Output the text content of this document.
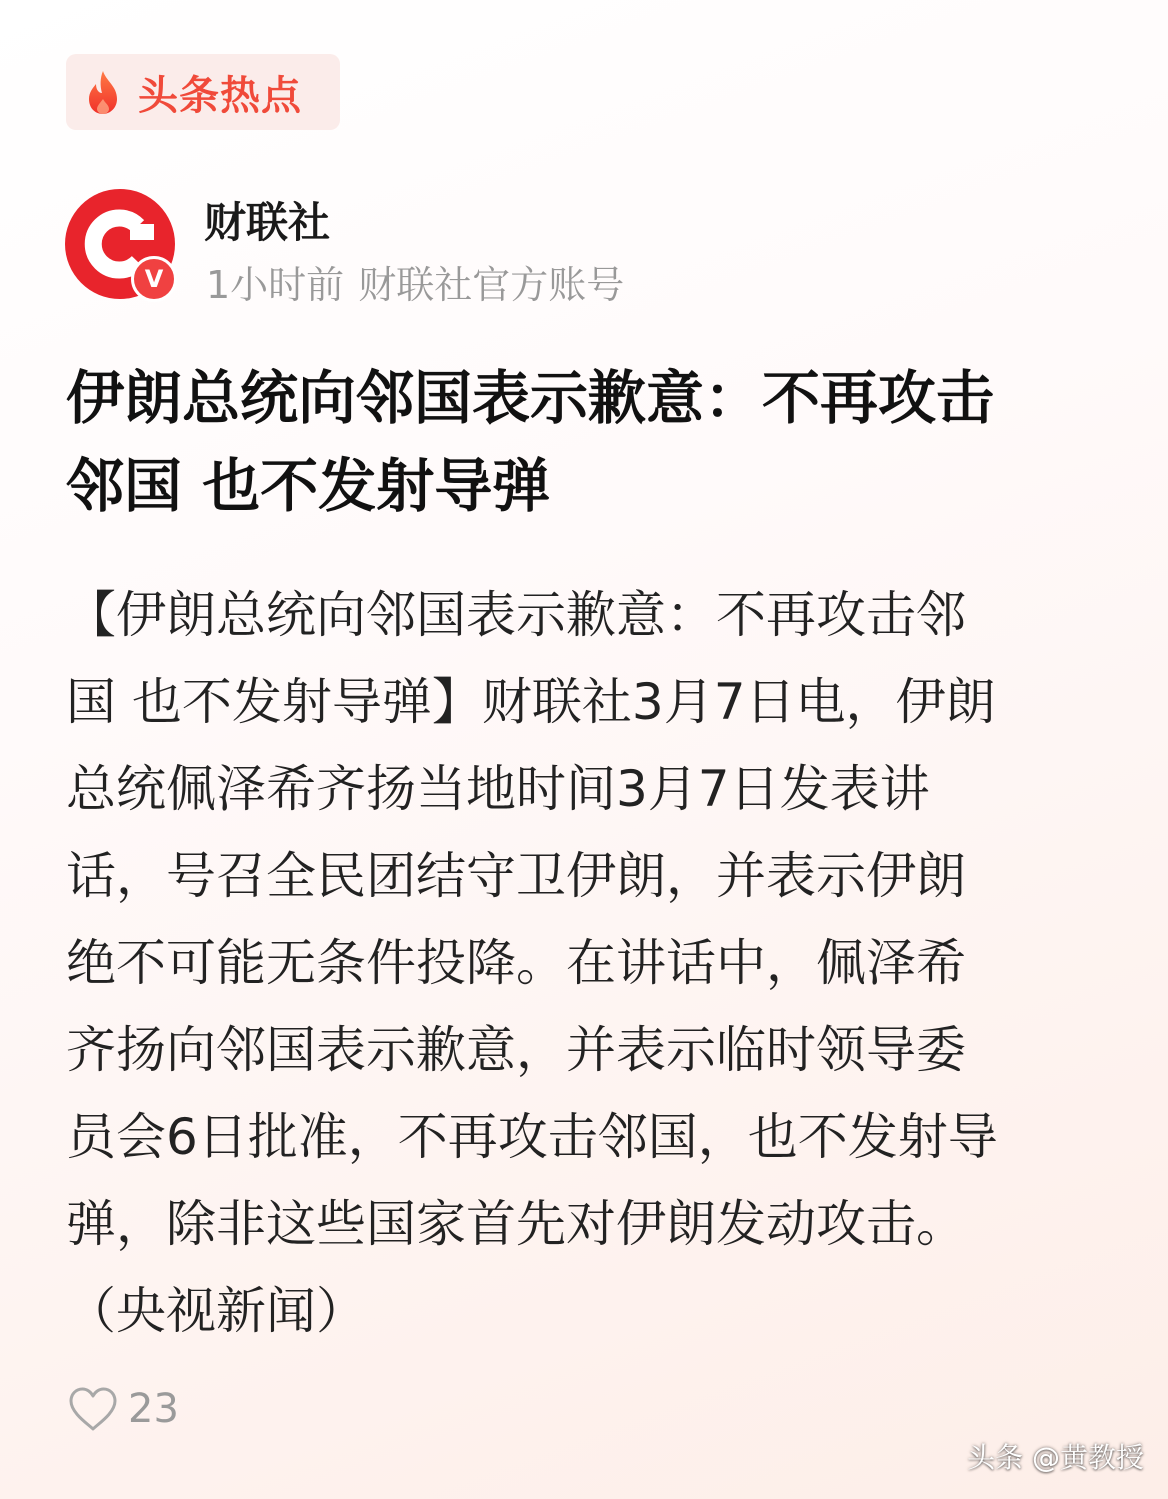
头条热点
V
财联社
1小时前 财联社官方账号
伊朗总统向邻国表示歉意：不再攻击
邻国 也不发射导弹
【伊朗总统向邻国表示歉意：不再攻击邻
国 也不发射导弹】财联社3月7日电，伊朗
总统佩泽希齐扬当地时间3月7日发表讲
话，号召全民团结守卫伊朗，并表示伊朗
绝不可能无条件投降。在讲话中，佩泽希
齐扬向邻国表示歉意，并表示临时领导委
员会6日批准，不再攻击邻国，也不发射导
弹，除非这些国家首先对伊朗发动攻击。
（央视新闻）
23
头条 @黄教授
